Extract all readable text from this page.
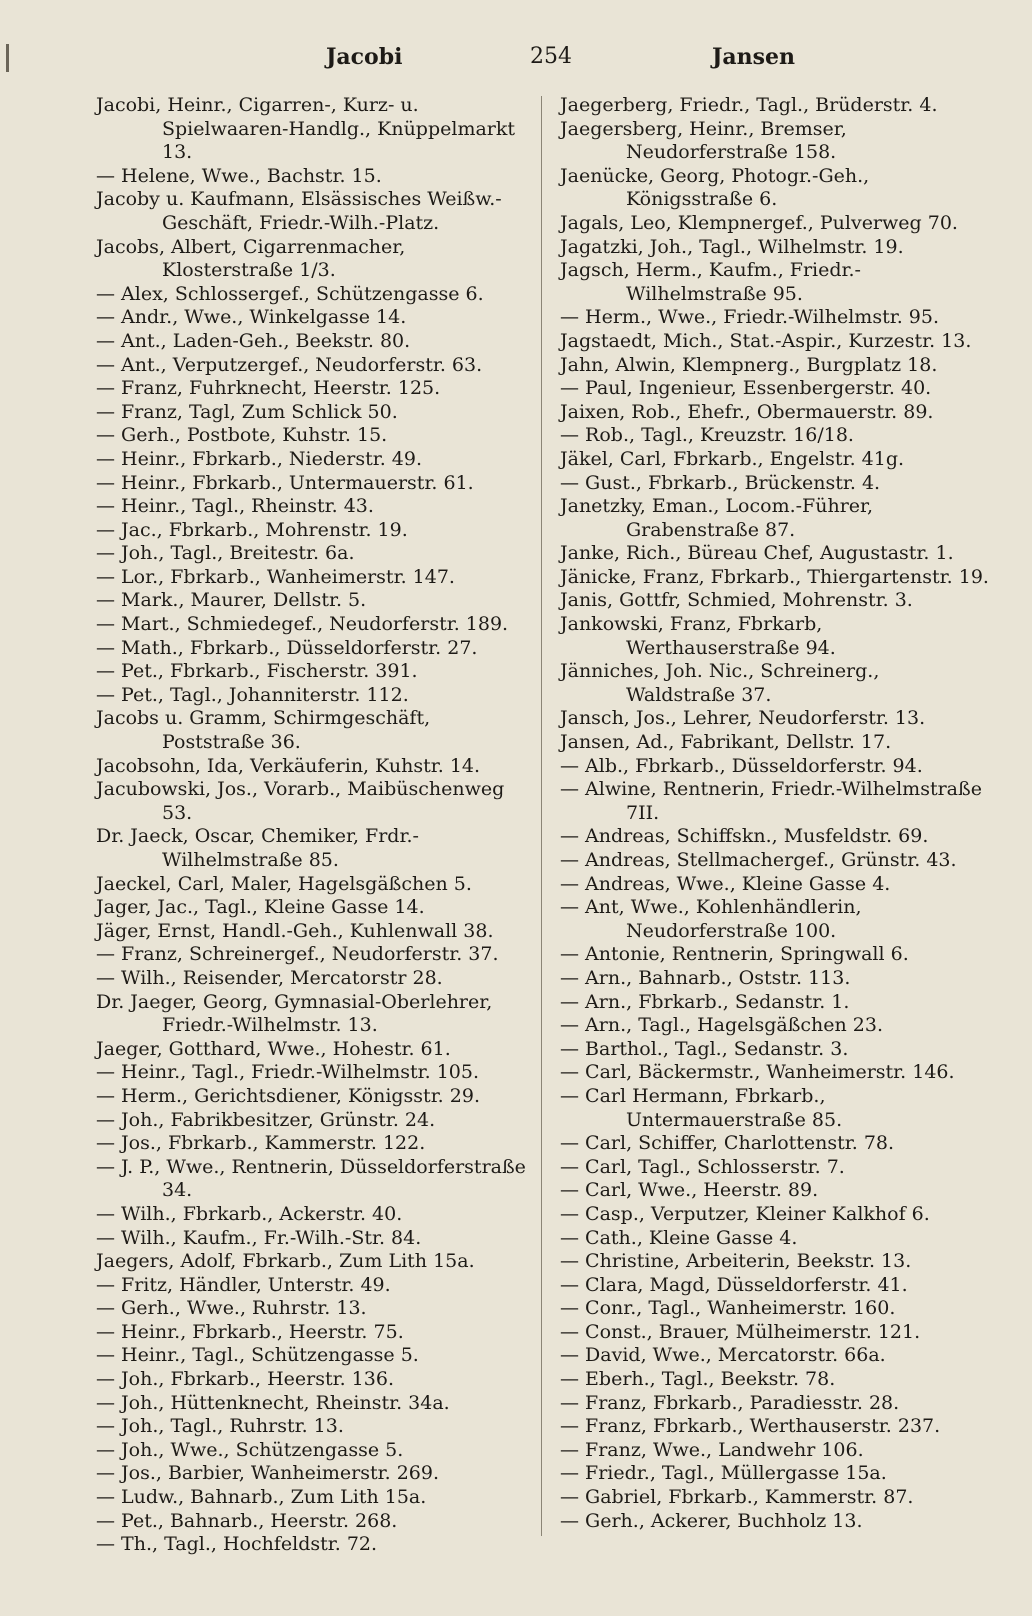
Jacobi	254	Jansen
Jacobi, Heinr., Cigarren-, Kurz- u. Spielwaaren-Handlg., Knüppelmarkt 13.
— Helene, Wwe., Bachstr. 15.
Jacoby u. Kaufmann, Elsässisches Weißw.-Geschäft, Friedr.-Wilh.-Platz.
Jacobs, Albert, Cigarrenmacher, Klosterstraße 1/3.
— Alex, Schlossergef., Schützengasse 6.
— Andr., Wwe., Winkelgasse 14.
— Ant., Laden-Geh., Beekstr. 80.
— Ant., Verputzergef., Neudorferstr. 63.
— Franz, Fuhrknecht, Heerstr. 125.
— Franz, Tagl, Zum Schlick 50.
— Gerh., Postbote, Kuhstr. 15.
— Heinr., Fbrkarb., Niederstr. 49.
— Heinr., Fbrkarb., Untermauerstr. 61.
— Heinr., Tagl., Rheinstr. 43.
— Jac., Fbrkarb., Mohrenstr. 19.
— Joh., Tagl., Breitestr. 6a.
— Lor., Fbrkarb., Wanheimerstr. 147.
— Mark., Maurer, Dellstr. 5.
— Mart., Schmiedegef., Neudorferstr. 189.
— Math., Fbrkarb., Düsseldorferstr. 27.
— Pet., Fbrkarb., Fischerstr. 391.
— Pet., Tagl., Johanniterstr. 112.
Jacobs u. Gramm, Schirmgeschäft, Poststraße 36.
Jacobsohn, Ida, Verkäuferin, Kuhstr. 14.
Jacubowski, Jos., Vorarb., Maibüschenweg 53.
Dr. Jaeck, Oscar, Chemiker, Frdr.-Wilhelmstraße 85.
Jaeckel, Carl, Maler, Hagelsgäßchen 5.
Jager, Jac., Tagl., Kleine Gasse 14.
Jäger, Ernst, Handl.-Geh., Kuhlenwall 38.
— Franz, Schreinergef., Neudorferstr. 37.
— Wilh., Reisender, Mercatorstr 28.
Dr. Jaeger, Georg, Gymnasial-Oberlehrer, Friedr.-Wilhelmstr. 13.
Jaeger, Gotthard, Wwe., Hohestr. 61.
— Heinr., Tagl., Friedr.-Wilhelmstr. 105.
— Herm., Gerichtsdiener, Königsstr. 29.
— Joh., Fabrikbesitzer, Grünstr. 24.
— Jos., Fbrkarb., Kammerstr. 122.
— J. P., Wwe., Rentnerin, Düsseldorferstraße 34.
— Wilh., Fbrkarb., Ackerstr. 40.
— Wilh., Kaufm., Fr.-Wilh.-Str. 84.
Jaegers, Adolf, Fbrkarb., Zum Lith 15a.
— Fritz, Händler, Unterstr. 49.
— Gerh., Wwe., Ruhrstr. 13.
— Heinr., Fbrkarb., Heerstr. 75.
— Heinr., Tagl., Schützengasse 5.
— Joh., Fbrkarb., Heerstr. 136.
— Joh., Hüttenknecht, Rheinstr. 34a.
— Joh., Tagl., Ruhrstr. 13.
— Joh., Wwe., Schützengasse 5.
— Jos., Barbier, Wanheimerstr. 269.
— Ludw., Bahnarb., Zum Lith 15a.
— Pet., Bahnarb., Heerstr. 268.
— Th., Tagl., Hochfeldstr. 72.
Jaegerberg, Friedr., Tagl., Brüderstr. 4.
Jaegersberg, Heinr., Bremser, Neudorferstraße 158.
Jaenücke, Georg, Photogr.-Geh., Königsstraße 6.
Jagals, Leo, Klempnergef., Pulverweg 70.
Jagatzki, Joh., Tagl., Wilhelmstr. 19.
Jagsch, Herm., Kaufm., Friedr.-Wilhelmstraße 95.
— Herm., Wwe., Friedr.-Wilhelmstr. 95.
Jagstaedt, Mich., Stat.-Aspir., Kurzestr. 13.
Jahn, Alwin, Klempnerg., Burgplatz 18.
— Paul, Ingenieur, Essenbergerstr. 40.
Jaixen, Rob., Ehefr., Obermauerstr. 89.
— Rob., Tagl., Kreuzstr. 16/18.
Jäkel, Carl, Fbrkarb., Engelstr. 41g.
— Gust., Fbrkarb., Brückenstr. 4.
Janetzky, Eman., Locom.-Führer, Grabenstraße 87.
Janke, Rich., Büreau Chef, Augustastr. 1.
Jänicke, Franz, Fbrkarb., Thiergartenstr. 19.
Janis, Gottfr, Schmied, Mohrenstr. 3.
Jankowski, Franz, Fbrkarb, Werthauserstraße 94.
Jänniches, Joh. Nic., Schreinerg., Waldstraße 37.
Jansch, Jos., Lehrer, Neudorferstr. 13.
Jansen, Ad., Fabrikant, Dellstr. 17.
— Alb., Fbrkarb., Düsseldorferstr. 94.
— Alwine, Rentnerin, Friedr.-Wilhelmstraße 7II.
— Andreas, Schiffskn., Musfeldstr. 69.
— Andreas, Stellmachergef., Grünstr. 43.
— Andreas, Wwe., Kleine Gasse 4.
— Ant, Wwe., Kohlenhändlerin, Neudorferstraße 100.
— Antonie, Rentnerin, Springwall 6.
— Arn., Bahnarb., Oststr. 113.
— Arn., Fbrkarb., Sedanstr. 1.
— Arn., Tagl., Hagelsgäßchen 23.
— Barthol., Tagl., Sedanstr. 3.
— Carl, Bäckermstr., Wanheimerstr. 146.
— Carl Hermann, Fbrkarb., Untermauerstraße 85.
— Carl, Schiffer, Charlottenstr. 78.
— Carl, Tagl., Schlosserstr. 7.
— Carl, Wwe., Heerstr. 89.
— Casp., Verputzer, Kleiner Kalkhof 6.
— Cath., Kleine Gasse 4.
— Christine, Arbeiterin, Beekstr. 13.
— Clara, Magd, Düsseldorferstr. 41.
— Conr., Tagl., Wanheimerstr. 160.
— Const., Brauer, Mülheimerstr. 121.
— David, Wwe., Mercatorstr. 66a.
— Eberh., Tagl., Beekstr. 78.
— Franz, Fbrkarb., Paradiesstr. 28.
— Franz, Fbrkarb., Werthauserstr. 237.
— Franz, Wwe., Landwehr 106.
— Friedr., Tagl., Müllergasse 15a.
— Gabriel, Fbrkarb., Kammerstr. 87.
— Gerh., Ackerer, Buchholz 13.
